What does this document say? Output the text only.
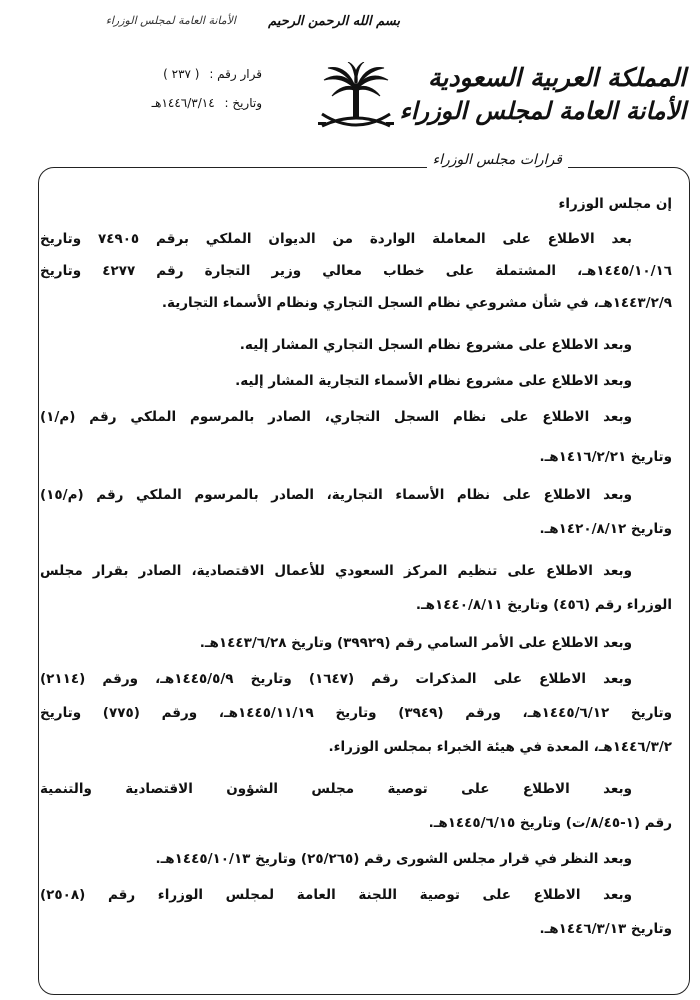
الأمانة العامة لمجلس الوزراء بسم الله الرحمن الرحيم
المملكة العربية السعودية
الأمانة العامة لمجلس الوزراء
قرار رقم : ( ٢٣٧ )
وتاريخ : ١٤٤٦/٣/١٤هـ
قرارات مجلس الوزراء
إن مجلس الوزراء
بعد الاطلاع على المعاملة الواردة من الديوان الملكي برقم ٧٤٩٠٥ وتاريخ
١٤٤٥/١٠/١٦هـ، المشتملة على خطاب معالي وزير التجارة رقم ٤٢٧٧ وتاريخ
١٤٤٣/٢/٩هـ، في شأن مشروعي نظام السجل التجاري ونظام الأسماء التجارية.
وبعد الاطلاع على مشروع نظام السجل التجاري المشار إليه.
وبعد الاطلاع على مشروع نظام الأسماء التجارية المشار إليه.
وبعد الاطلاع على نظام السجل التجاري، الصادر بالمرسوم الملكي رقم (م/١)
وتاريخ ١٤١٦/٢/٢١هـ.
وبعد الاطلاع على نظام الأسماء التجارية، الصادر بالمرسوم الملكي رقم (م/١٥)
وتاريخ ١٤٢٠/٨/١٢هـ.
وبعد الاطلاع على تنظيم المركز السعودي للأعمال الاقتصادية، الصادر بقرار مجلس
الوزراء رقم (٤٥٦) وتاريخ ١٤٤٠/٨/١١هـ.
وبعد الاطلاع على الأمر السامي رقم (٣٩٩٢٩) وتاريخ ١٤٤٣/٦/٢٨هـ.
وبعد الاطلاع على المذكرات رقم (١٦٤٧) وتاريخ ١٤٤٥/٥/٩هـ، ورقم (٢١١٤)
وتاريخ ١٤٤٥/٦/١٢هـ، ورقم (٣٩٤٩) وتاريخ ١٤٤٥/١١/١٩هـ، ورقم (٧٧٥) وتاريخ
١٤٤٦/٣/٢هـ، المعدة في هيئة الخبراء بمجلس الوزراء.
وبعد الاطلاع على توصية مجلس الشؤون الاقتصادية والتنمية
رقم (١-٨/٤٥/ت) وتاريخ ١٤٤٥/٦/١٥هـ.
وبعد النظر في قرار مجلس الشورى رقم (٢٥/٢٦٥) وتاريخ ١٤٤٥/١٠/١٣هـ.
وبعد الاطلاع على توصية اللجنة العامة لمجلس الوزراء رقم (٢٥٠٨)
وتاريخ ١٤٤٦/٣/١٣هـ.
